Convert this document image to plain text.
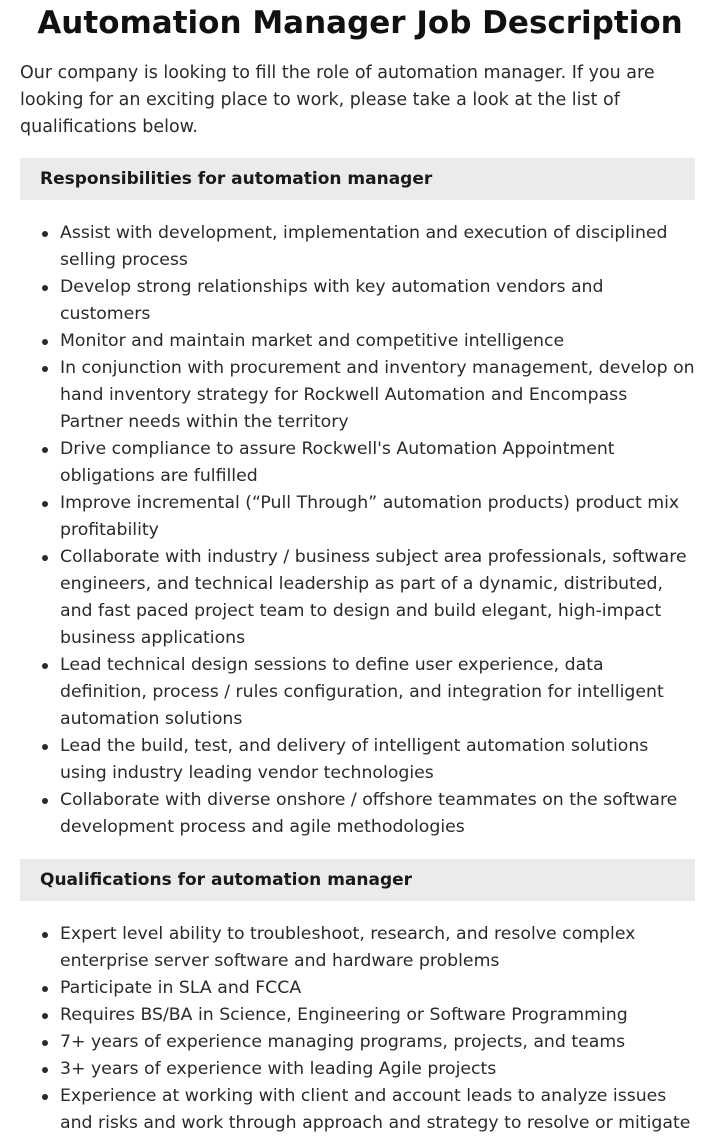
Automation Manager Job Description

Our company is looking to fill the role of automation manager. If you are looking for an exciting place to work, please take a look at the list of qualifications below.

Responsibilities for automation manager
Assist with development, implementation and execution of disciplined selling process
Develop strong relationships with key automation vendors and customers
Monitor and maintain market and competitive intelligence
In conjunction with procurement and inventory management, develop on hand inventory strategy for Rockwell Automation and Encompass Partner needs within the territory
Drive compliance to assure Rockwell's Automation Appointment obligations are fulfilled
Improve incremental (“Pull Through” automation products) product mix profitability
Collaborate with industry / business subject area professionals, software engineers, and technical leadership as part of a dynamic, distributed, and fast paced project team to design and build elegant, high-impact business applications
Lead technical design sessions to define user experience, data definition, process / rules configuration, and integration for intelligent automation solutions
Lead the build, test, and delivery of intelligent automation solutions using industry leading vendor technologies
Collaborate with diverse onshore / offshore teammates on the software development process and agile methodologies
Qualifications for automation manager
Expert level ability to troubleshoot, research, and resolve complex enterprise server software and hardware problems
Participate in SLA and FCCA
Requires BS/BA in Science, Engineering or Software Programming
7+ years of experience managing programs, projects, and teams
3+ years of experience with leading Agile projects
Experience at working with client and account leads to analyze issues and risks and work through approach and strategy to resolve or mitigate
